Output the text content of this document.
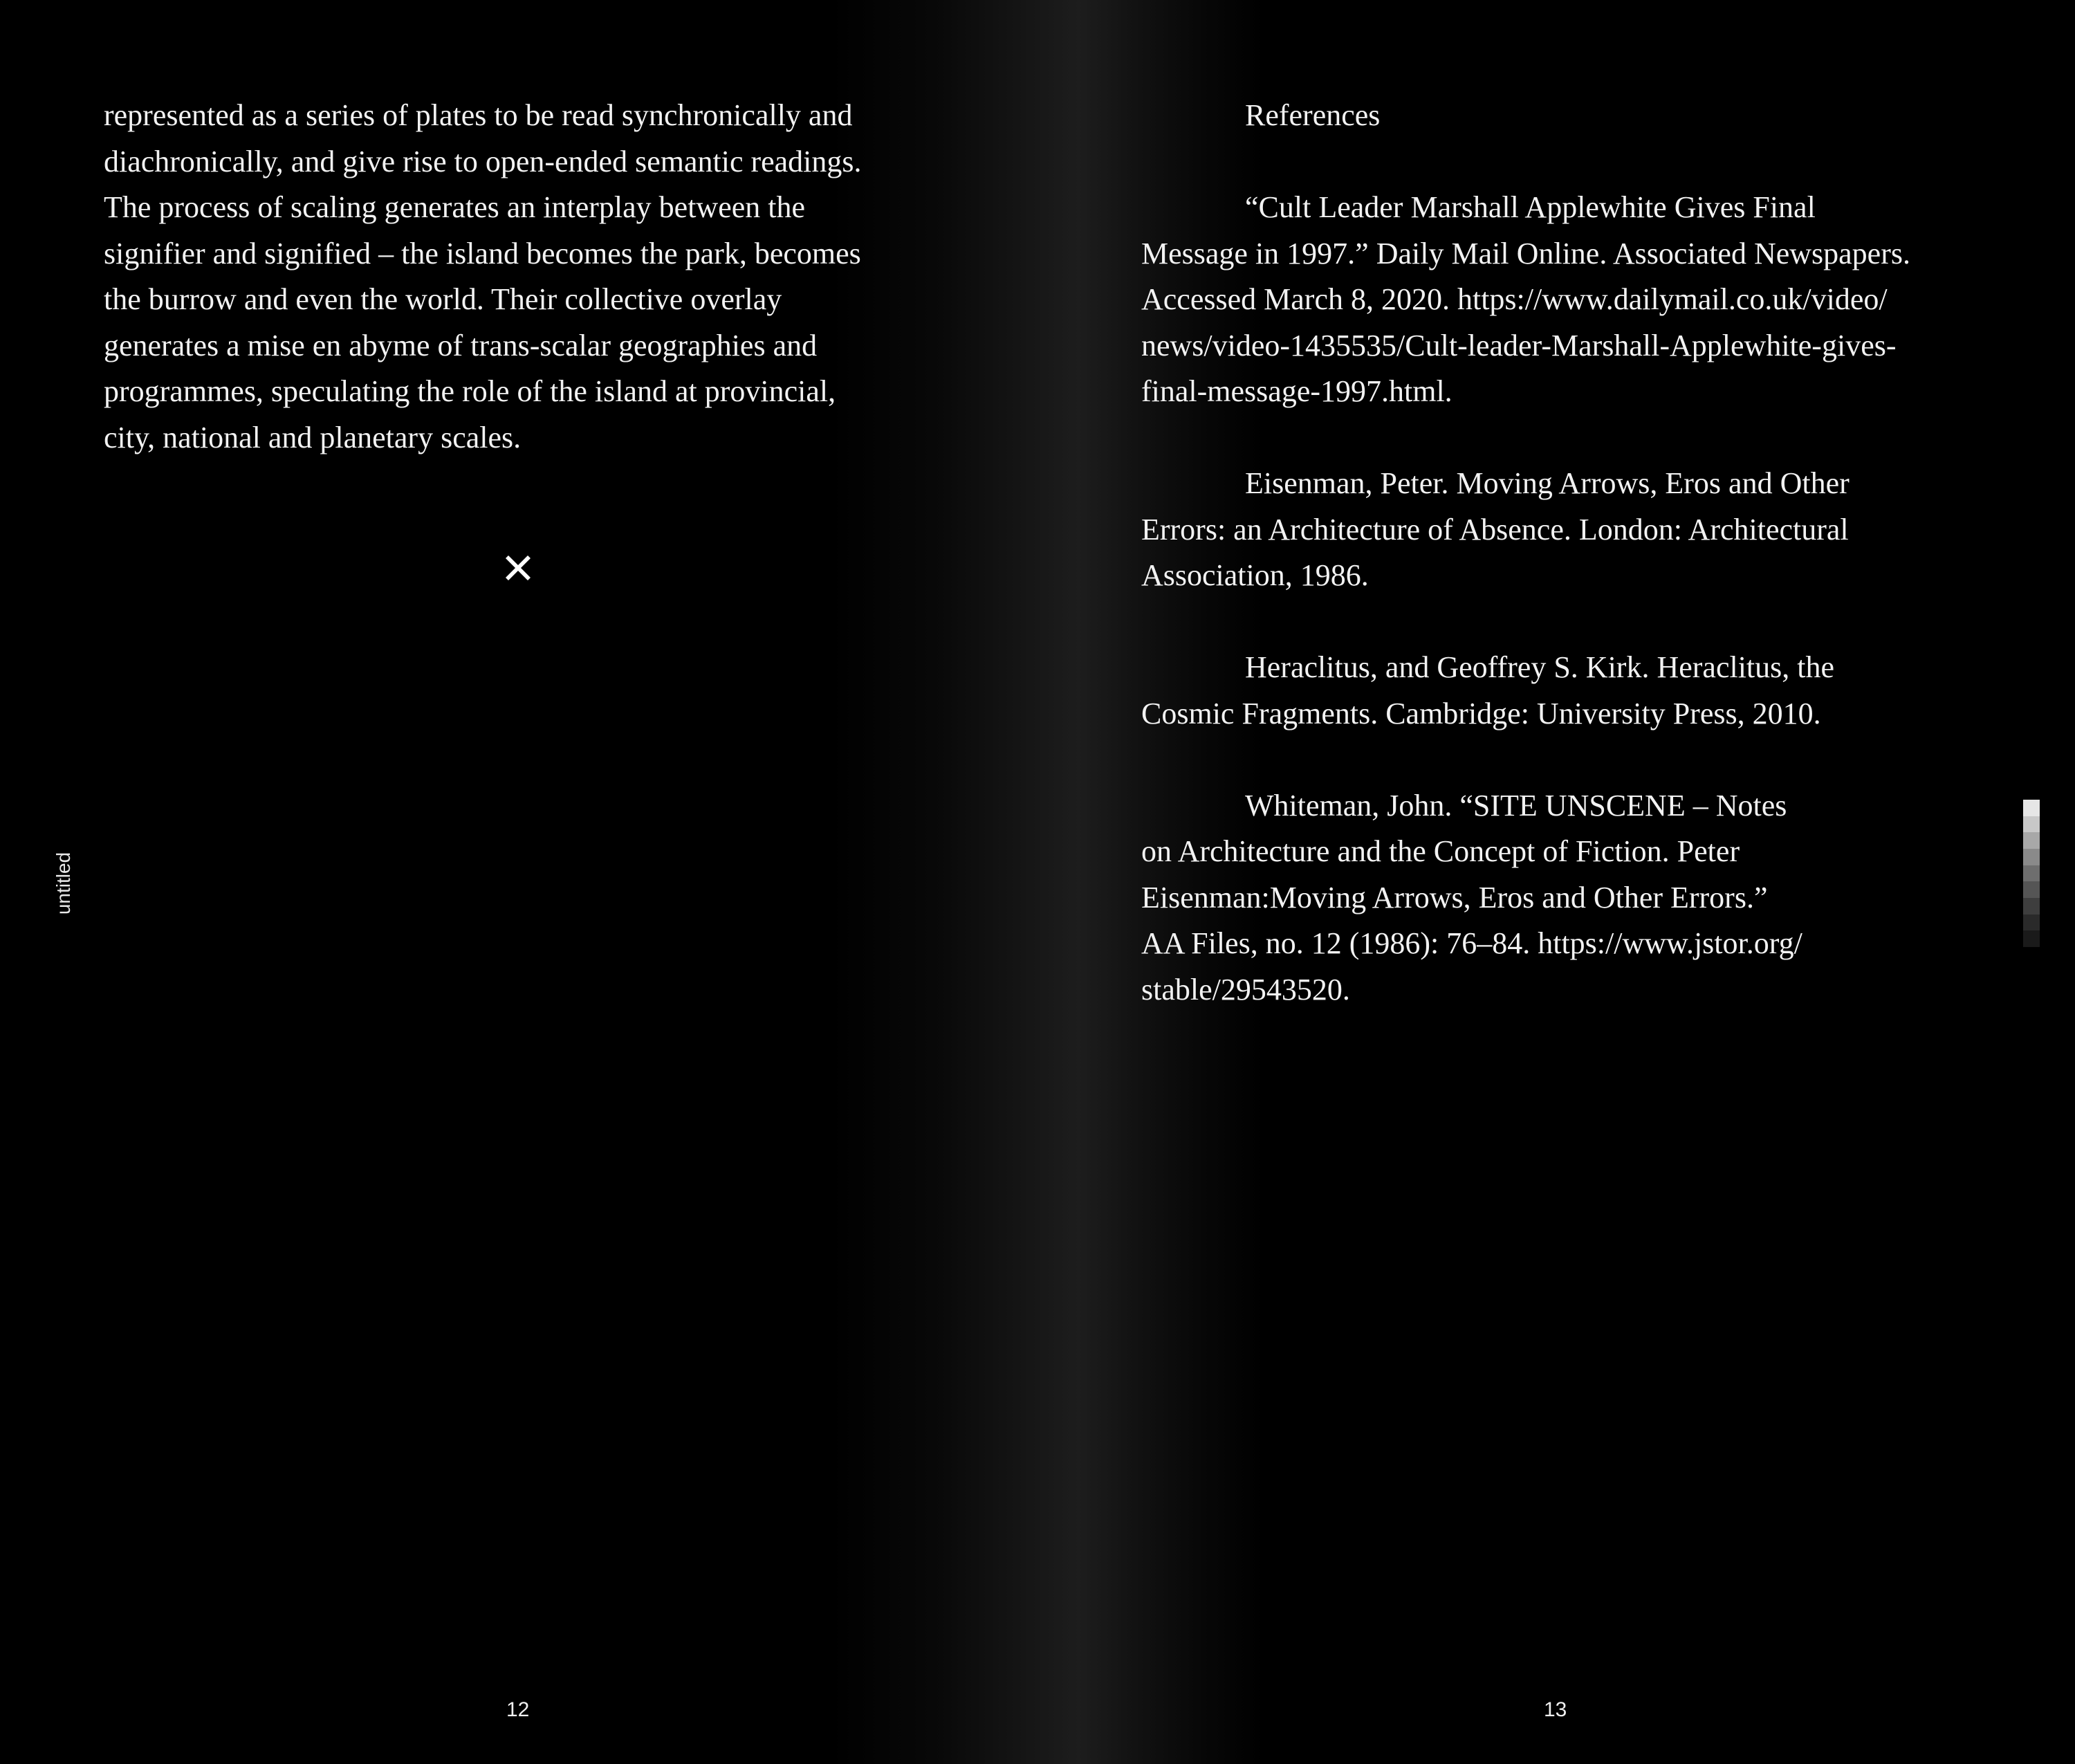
represented as a series of plates to be read synchronically and
diachronically, and give rise to open-ended semantic readings.
The process of scaling generates an interplay between the
signifier and signified – the island becomes the park, becomes
the burrow and even the world. Their collective overlay
generates a mise en abyme of trans-scalar geographies and
programmes, speculating the role of the island at provincial,
city, national and planetary scales.

untitled
12

References

“Cult Leader Marshall Applewhite Gives Final
Message in 1997.” Daily Mail Online. Associated Newspapers.
Accessed March 8, 2020. https://www.dailymail.co.uk/video/
news/video-1435535/Cult-leader-Marshall-Applewhite-gives-
final-message-1997.html.

Eisenman, Peter. Moving Arrows, Eros and Other
Errors: an Architecture of Absence. London: Architectural
Association, 1986.

Heraclitus, and Geoffrey S. Kirk. Heraclitus, the
Cosmic Fragments. Cambridge: University Press, 2010.

Whiteman, John. “SITE UNSCENE – Notes
on Architecture and the Concept of Fiction. Peter
Eisenman:Moving Arrows, Eros and Other Errors.”
AA Files, no. 12 (1986): 76–84. https://www.jstor.org/
stable/29543520.

13
